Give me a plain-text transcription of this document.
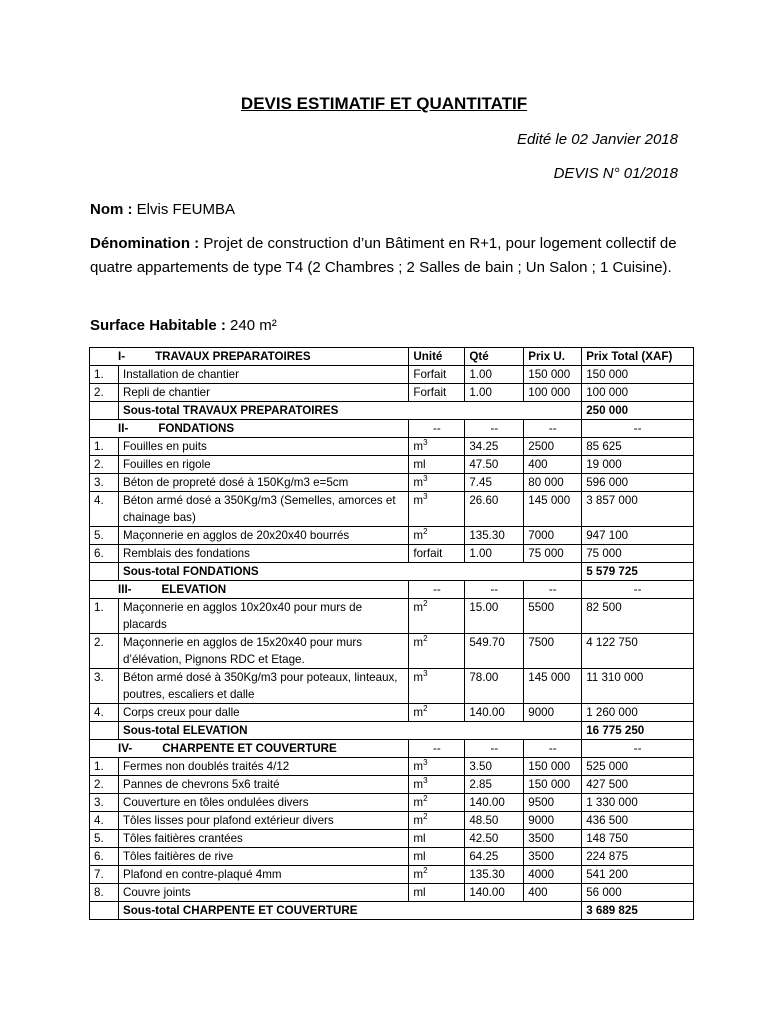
DEVIS ESTIMATIF ET QUANTITATIF
Edité le 02 Janvier 2018
DEVIS N° 01/2018
Nom : Elvis FEUMBA
Dénomination : Projet de construction d’un Bâtiment en R+1, pour logement collectif de quatre appartements de type T4 (2 Chambres ; 2 Salles de bain ; Un Salon ; 1 Cuisine).
Surface Habitable : 240 m²
I- TRAVAUX PREPARATOIRES		Unité	Qté	Prix U.	Prix Total (XAF)
1.	Installation de chantier	Forfait	1.00	150 000	150 000
2.	Repli de chantier	Forfait	1.00	100 000	100 000
	Sous-total TRAVAUX PREPARATOIRES				250 000
II- FONDATIONS		--	--	--	--
1.	Fouilles en puits	$m^3$	34.25	2500	85 625
2.	Fouilles en rigole	ml	47.50	400	19 000
3.	Béton de propreté dosé à 150Kg/m3 e=5cm	$m^3$	7.45	80 000	596 000
4.	Béton armé dosé a 350Kg/m3 (Semelles, amorces et chainage bas)	$m^3$	26.60	145 000	3 857 000
5.	Maçonnerie en agglos de 20x20x40 bourrés	$m^2$	135.30	7000	947 100
6.	Remblais des fondations	forfait	1.00	75 000	75 000
	Sous-total FONDATIONS				5 579 725
III- ELEVATION		--	--	--	--
1.	Maçonnerie en agglos 10x20x40 pour murs de placards	$m^2$	15.00	5500	82 500
2.	Maçonnerie en agglos de 15x20x40 pour murs d’élévation, Pignons RDC et Etage.	$m^2$	549.70	7500	4 122 750
3.	Béton armé dosé à 350Kg/m3 pour poteaux, linteaux, poutres, escaliers et dalle	$m^3$	78.00	145 000	11 310 000
4.	Corps creux pour dalle	$m^2$	140.00	9000	1 260 000
	Sous-total ELEVATION				16 775 250
IV- CHARPENTE ET COUVERTURE		--	--	--	--
1.	Fermes non doublés traités 4/12	$m^3$	3.50	150 000	525 000
2.	Pannes de chevrons 5x6 traité	$m^3$	2.85	150 000	427 500
3.	Couverture en tôles ondulées divers	$m^2$	140.00	9500	1 330 000
4.	Tôles lisses pour plafond extérieur divers	$m^2$	48.50	9000	436 500
5.	Tôles faitières crantées	ml	42.50	3500	148 750
6.	Tôles faitières de rive	ml	64.25	3500	224 875
7.	Plafond en contre-plaqué 4mm	$m^2$	135.30	4000	541 200
8.	Couvre joints	ml	140.00	400	56 000
	Sous-total CHARPENTE ET COUVERTURE				3 689 825
